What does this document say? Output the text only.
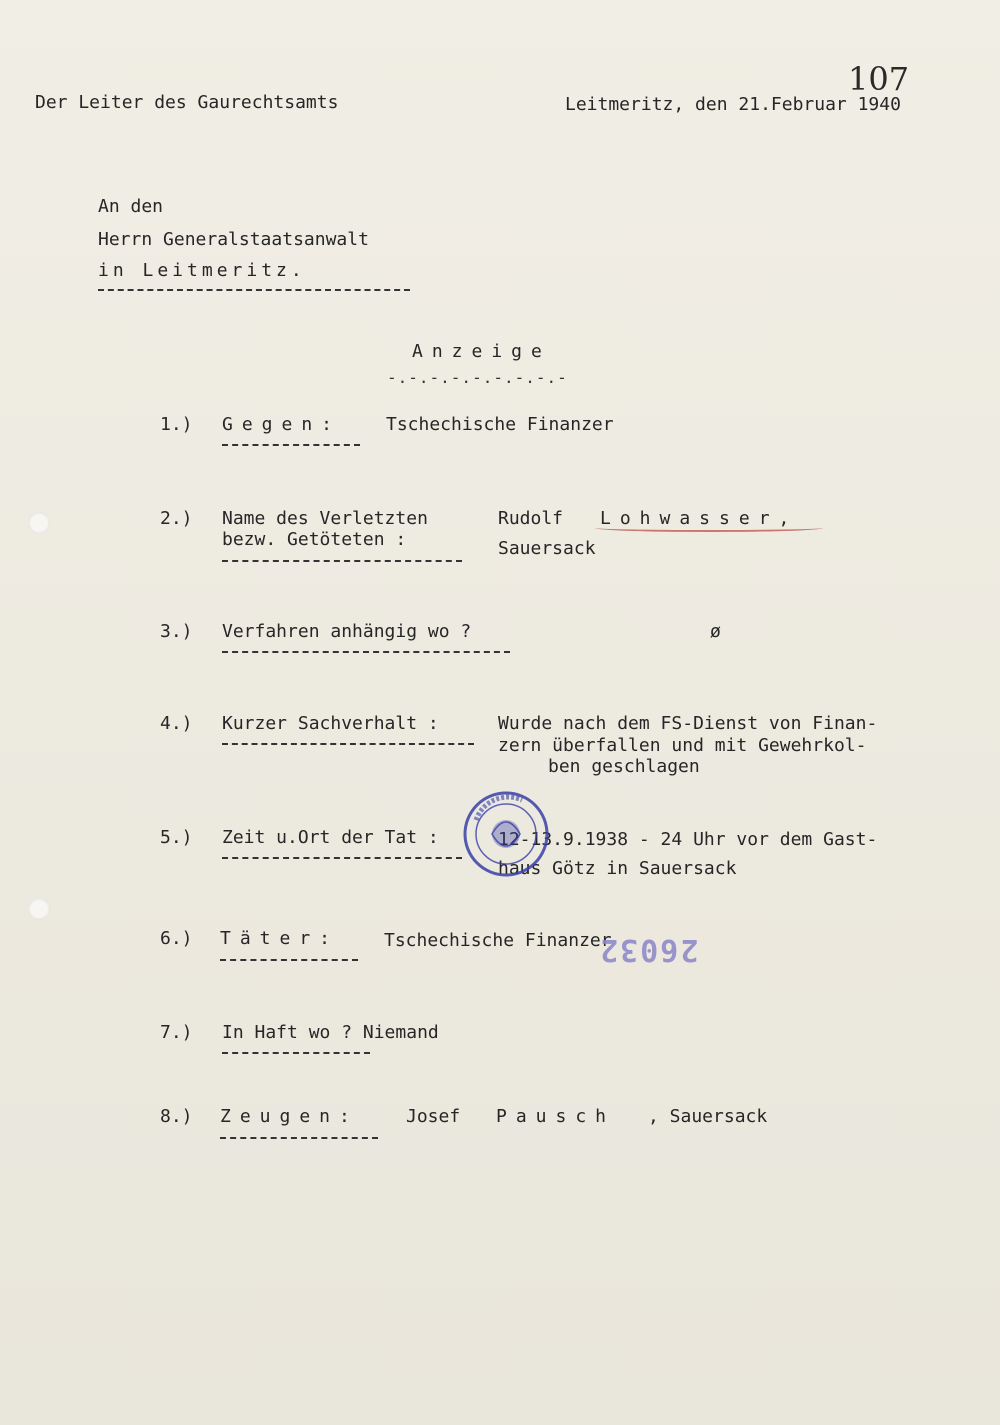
107
Der Leiter des Gaurechtsamts	Leitmeritz, den 21.Februar 1940
An den
Herrn Generalstaatsanwalt
in Leitmeritz.
Anzeige
-.-.-.-.-.-.-.-.-
1.) Gegen: Tschechische Finanzer
2.) Name des Verletzten
bezw. Getöteten :
Rudolf Lohwasser,
Sauersack
3.) Verfahren anhängig wo ?	ø
4.) Kurzer Sachverhalt :	Wurde nach dem FS-Dienst von Finan-
zern überfallen und mit Gewehrkol-
ben geschlagen
5.) Zeit u.Ort der Tat :	12-13.9.1938 - 24 Uhr vor dem Gast-
haus Götz in Sauersack
6.) Täter: Tschechische Finanzer
26032
7.) In Haft wo ? Niemand
8.) Zeugen:	Josef Pausch , Sauersack
